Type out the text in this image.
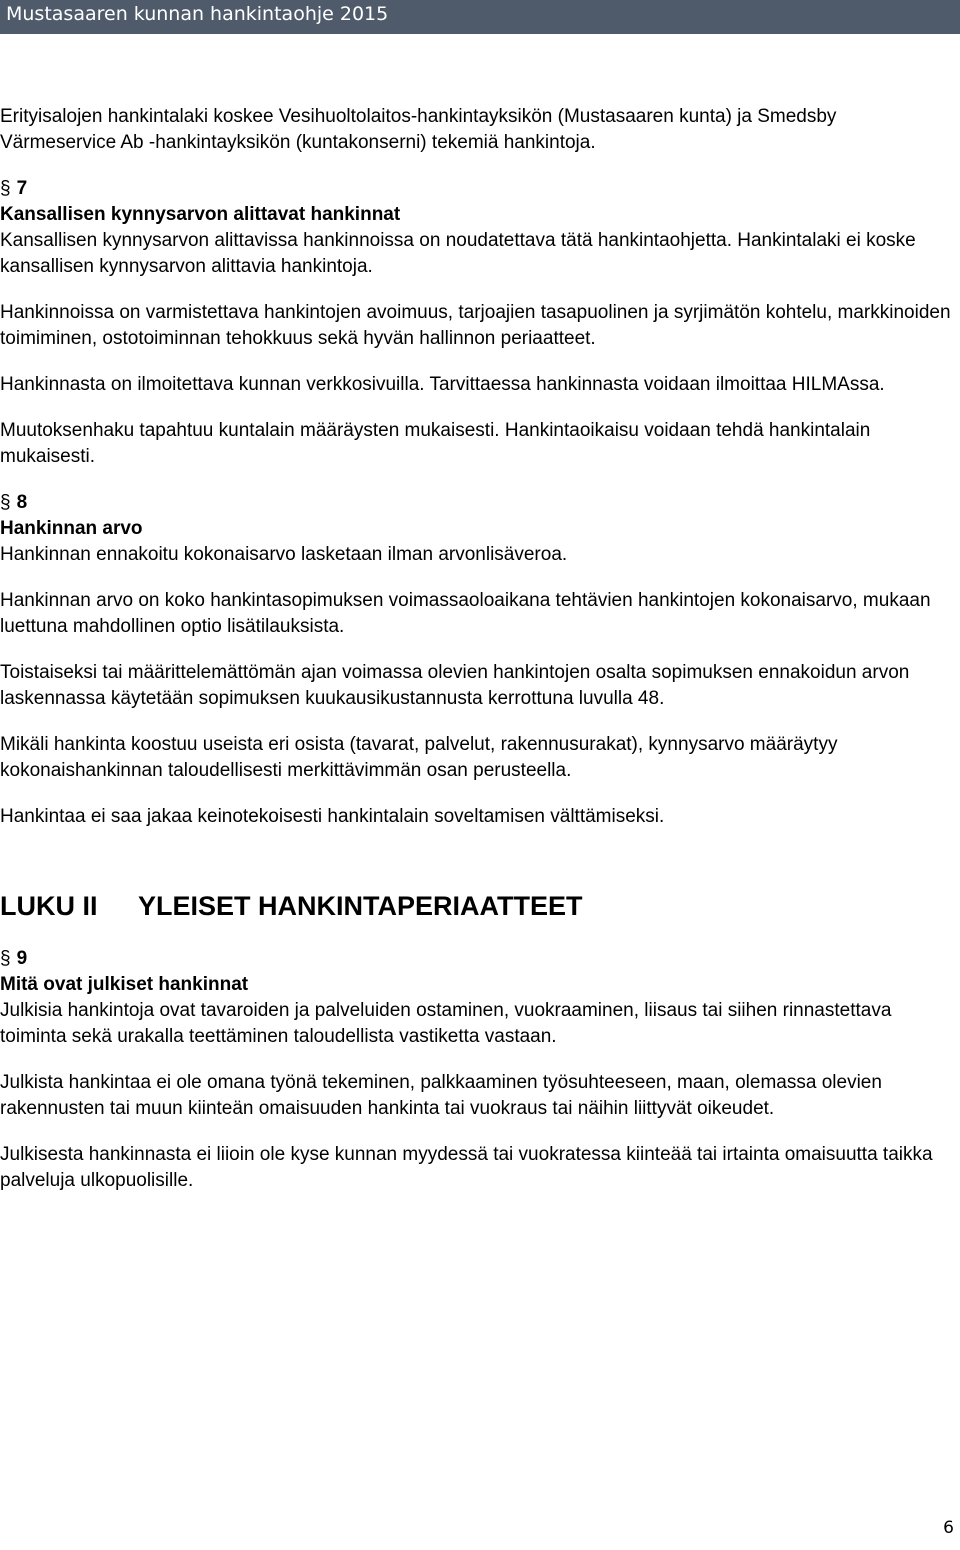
Mustasaaren kunnan hankintaohje 2015

Erityisalojen hankintalaki koskee Vesihuoltolaitos-hankintayksikön (Mustasaaren kunta) ja Smedsby Värmeservice Ab -hankintayksikön (kuntakonserni) tekemiä hankintoja.

§ 7
Kansallisen kynnysarvon alittavat hankinnat

Kansallisen kynnysarvon alittavissa hankinnoissa on noudatettava tätä hankintaohjetta. Hankintalaki ei koske kansallisen kynnysarvon alittavia hankintoja.

Hankinnoissa on varmistettava hankintojen avoimuus, tarjoajien tasapuolinen ja syrjimätön kohtelu, markkinoiden toimiminen, ostotoiminnan tehokkuus sekä hyvän hallinnon periaatteet.

Hankinnasta on ilmoitettava kunnan verkkosivuilla. Tarvittaessa hankinnasta voidaan ilmoittaa HILMAssa.

Muutoksenhaku tapahtuu kuntalain määräysten mukaisesti. Hankintaoikaisu voidaan tehdä hankintalain mukaisesti.

§ 8
Hankinnan arvo

Hankinnan ennakoitu kokonaisarvo lasketaan ilman arvonlisäveroa.

Hankinnan arvo on koko hankintasopimuksen voimassaoloaikana tehtävien hankintojen kokonaisarvo, mukaan luettuna mahdollinen optio lisätilauksista.

Toistaiseksi tai määrittelemättömän ajan voimassa olevien hankintojen osalta sopimuksen ennakoidun arvon laskennassa käytetään sopimuksen kuukausikustannusta kerrottuna luvulla 48.

Mikäli hankinta koostuu useista eri osista (tavarat, palvelut, rakennusurakat), kynnysarvo määräytyy kokonaishankinnan taloudellisesti merkittävimmän osan perusteella.

Hankintaa ei saa jakaa keinotekoisesti hankintalain soveltamisen välttämiseksi.

LUKU II YLEISET HANKINTAPERIAATTEET
§ 9
Mitä ovat julkiset hankinnat

Julkisia hankintoja ovat tavaroiden ja palveluiden ostaminen, vuokraaminen, liisaus tai siihen rinnastettava toiminta sekä urakalla teettäminen taloudellista vastiketta vastaan.

Julkista hankintaa ei ole omana työnä tekeminen, palkkaaminen työsuhteeseen, maan, olemassa olevien rakennusten tai muun kiinteän omaisuuden hankinta tai vuokraus tai näihin liittyvät oikeudet.

Julkisesta hankinnasta ei liioin ole kyse kunnan myydessä tai vuokratessa kiinteää tai irtainta omaisuutta taikka palveluja ulkopuolisille.

6
